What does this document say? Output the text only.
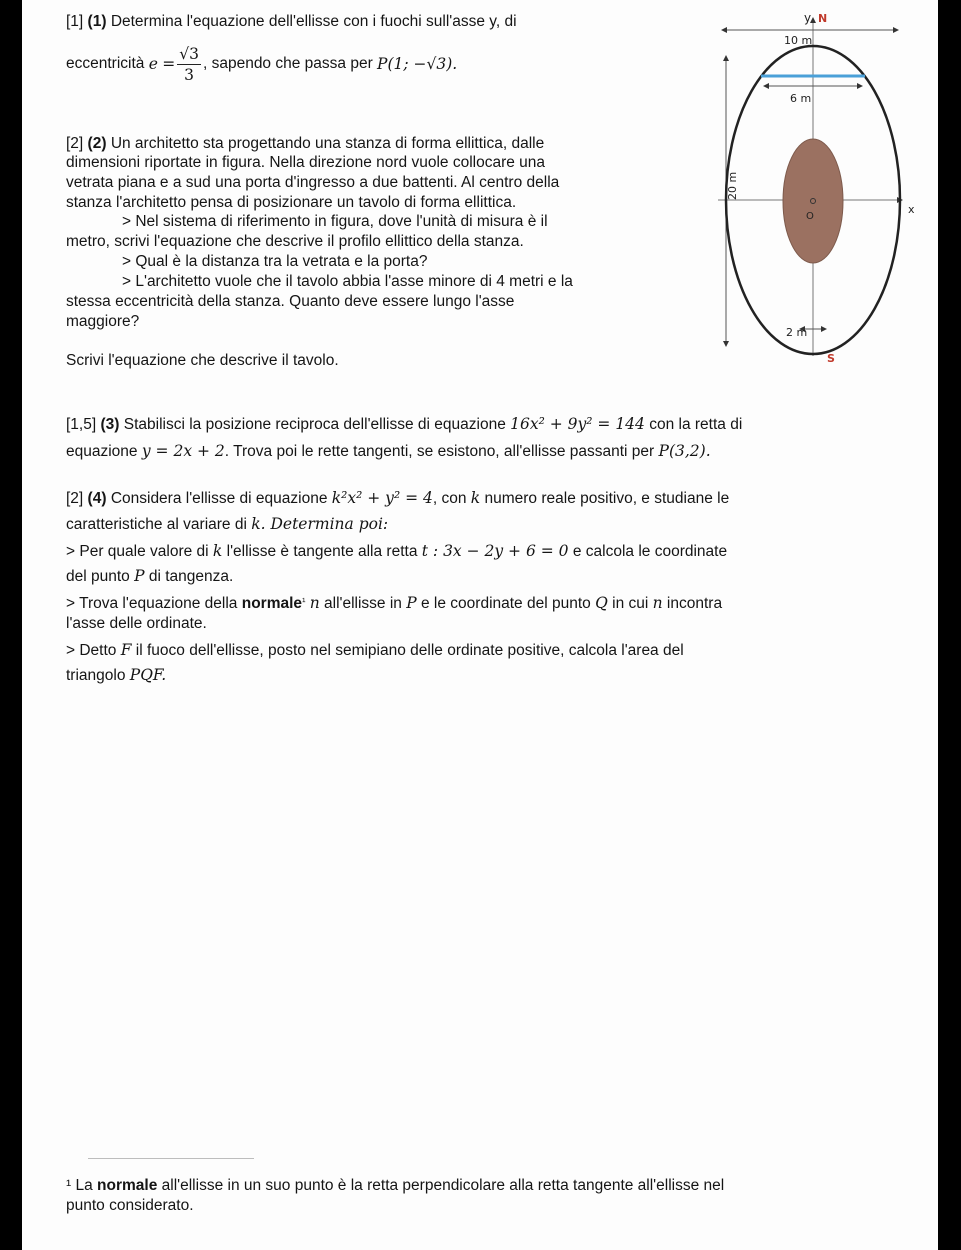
[1] (1) Determina l'equazione dell'ellisse con i fuochi sull'asse y, di
eccentricità
e
= $\frac{√3}{3}$ , sapendo che passa per
P(1; −√3).
[2] (2) Un architetto sta progettando una stanza di forma ellittica, dalle
dimensioni riportate in figura. Nella direzione nord vuole collocare una
vetrata piana e a sud una porta d'ingresso a due battenti. Al centro della
stanza l'architetto pensa di posizionare un tavolo di forma ellittica.
> Nel sistema di riferimento in figura, dove l'unità di misura è il
metro, scrivi l'equazione che descrive il profilo ellittico della stanza.
> Qual è la distanza tra la vetrata e la porta?
> L'architetto vuole che il tavolo abbia l'asse minore di 4 metri e la
stessa eccentricità della stanza. Quanto deve essere lungo l'asse
maggiore?
Scrivi l'equazione che descrive il tavolo.
[1,5] (3) Stabilisci la posizione reciproca dell'ellisse di equazione 16x² + 9y² = 144 con la retta di
equazione y = 2x + 2. Trova poi le rette tangenti, se esistono, all'ellisse passanti per P(3,2).
[2] (4) Considera l'ellisse di equazione k²x² + y² = 4, con k numero reale positivo, e studiane le
caratteristiche al variare di k. Determina poi:
> Per quale valore di k l'ellisse è tangente alla retta t : 3x − 2y + 6 = 0 e calcola le coordinate
del punto P di tangenza.
> Trova l'equazione della normale$^{^1}$ n all'ellisse in P e le coordinate del punto Q in cui n incontra
l'asse delle ordinate.
> Detto F il fuoco dell'ellisse, posto nel semipiano delle ordinate positive, calcola l'area del
triangolo PQF.
¹ La normale all'ellisse in un suo punto è la retta perpendicolare alla retta tangente all'ellisse nel
punto considerato.
y N
x
10 m
6 m
20 m
O
2 m
S
